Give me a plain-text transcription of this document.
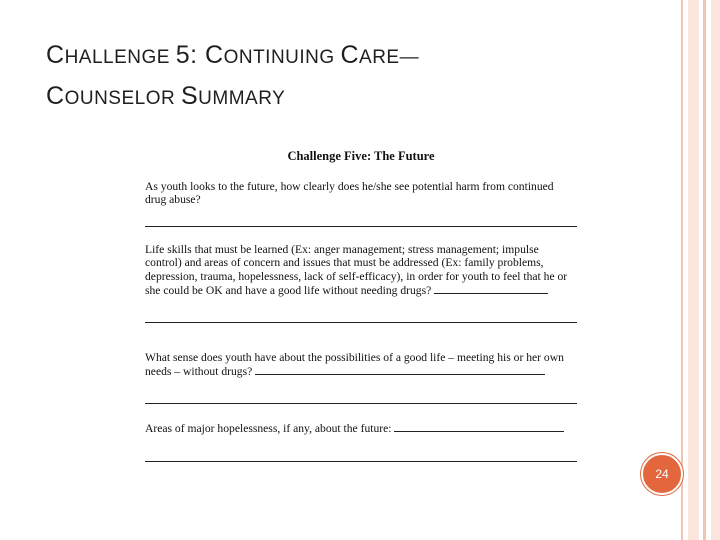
CHALLENGE 5: CONTINUING CARE—
COUNSELOR SUMMARY

Challenge Five: The Future

As youth looks to the future, how clearly does he/she see potential harm from continued drug abuse?

Life skills that must be learned (Ex: anger management; stress management; impulse control) and areas of concern and issues that must be addressed (Ex: family problems, depression, trauma, hopelessness, lack of self-efficacy), in order for youth to feel that he or she could be OK and have a good life without needing drugs?

What sense does youth have about the possibilities of a good life – meeting his or her own needs – without drugs?

Areas of major hopelessness, if any, about the future:

24
